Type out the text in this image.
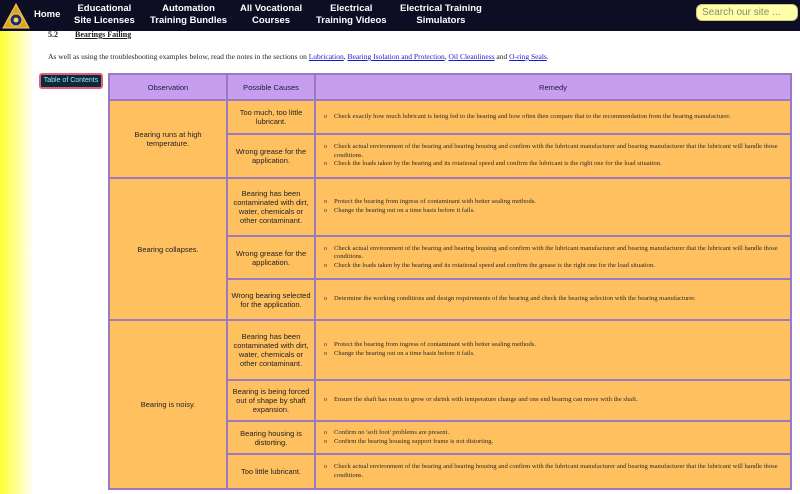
Home
Educational
Site Licenses
Automation
Training Bundles
All Vocational
Courses
Electrical
Training Videos
Electrical Training
Simulators
Search our site ...
5.2 Bearings Failing
As well as using the troubleshooting examples below, read the notes in the sections on Lubrication, Bearing Isolation and Protection, Oil Cleanliness and O-ring Seals.
Table of Contents
Observation	Possible Causes	Remedy
Bearing runs at high temperature.
Too much, too little lubricant.
o Check exactly how much lubricant is being fed to the bearing and how often then compare that to the recommendation from the bearing manufacturer.
Wrong grease for the application.
o Check actual environment of the bearing and bearing housing and confirm with the lubricant manufacturer and bearing manufacturer that the lubricant will handle those conditions.
o Check the loads taken by the bearing and its rotational speed and confirm the lubricant is the right one for the load situation.
Bearing collapses.
Bearing has been contaminated with dirt, water, chemicals or other contaminant.
o Protect the bearing from ingress of contaminant with better sealing methods.
o Change the bearing out on a time basis before it fails.
Wrong grease for the application.
o Check actual environment of the bearing and bearing housing and confirm with the lubricant manufacturer and bearing manufacturer that the lubricant will handle those conditions.
o Check the loads taken by the bearing and its rotational speed and confirm the grease is the right one for the load situation.
Wrong bearing selected for the application.
o Determine the working conditions and design requirements of the bearing and check the bearing selection with the bearing manufacturer.
Bearing is noisy.
Bearing has been contaminated with dirt, water, chemicals or other contaminant.
o Protect the bearing from ingress of contaminant with better sealing methods.
o Change the bearing out on a time basis before it fails.
Bearing is being forced out of shape by shaft expansion.
o Ensure the shaft has room to grow or shrink with temperature change and one end bearing can move with the shaft.
Bearing housing is distorting.
o Confirm no 'soft foot' problems are present.
o Confirm the bearing housing support frame is not distorting.
Too little lubricant.
o Check actual environment of the bearing and bearing housing and confirm with the lubricant manufacturer and bearing manufacturer that the lubricant will handle those conditions.
